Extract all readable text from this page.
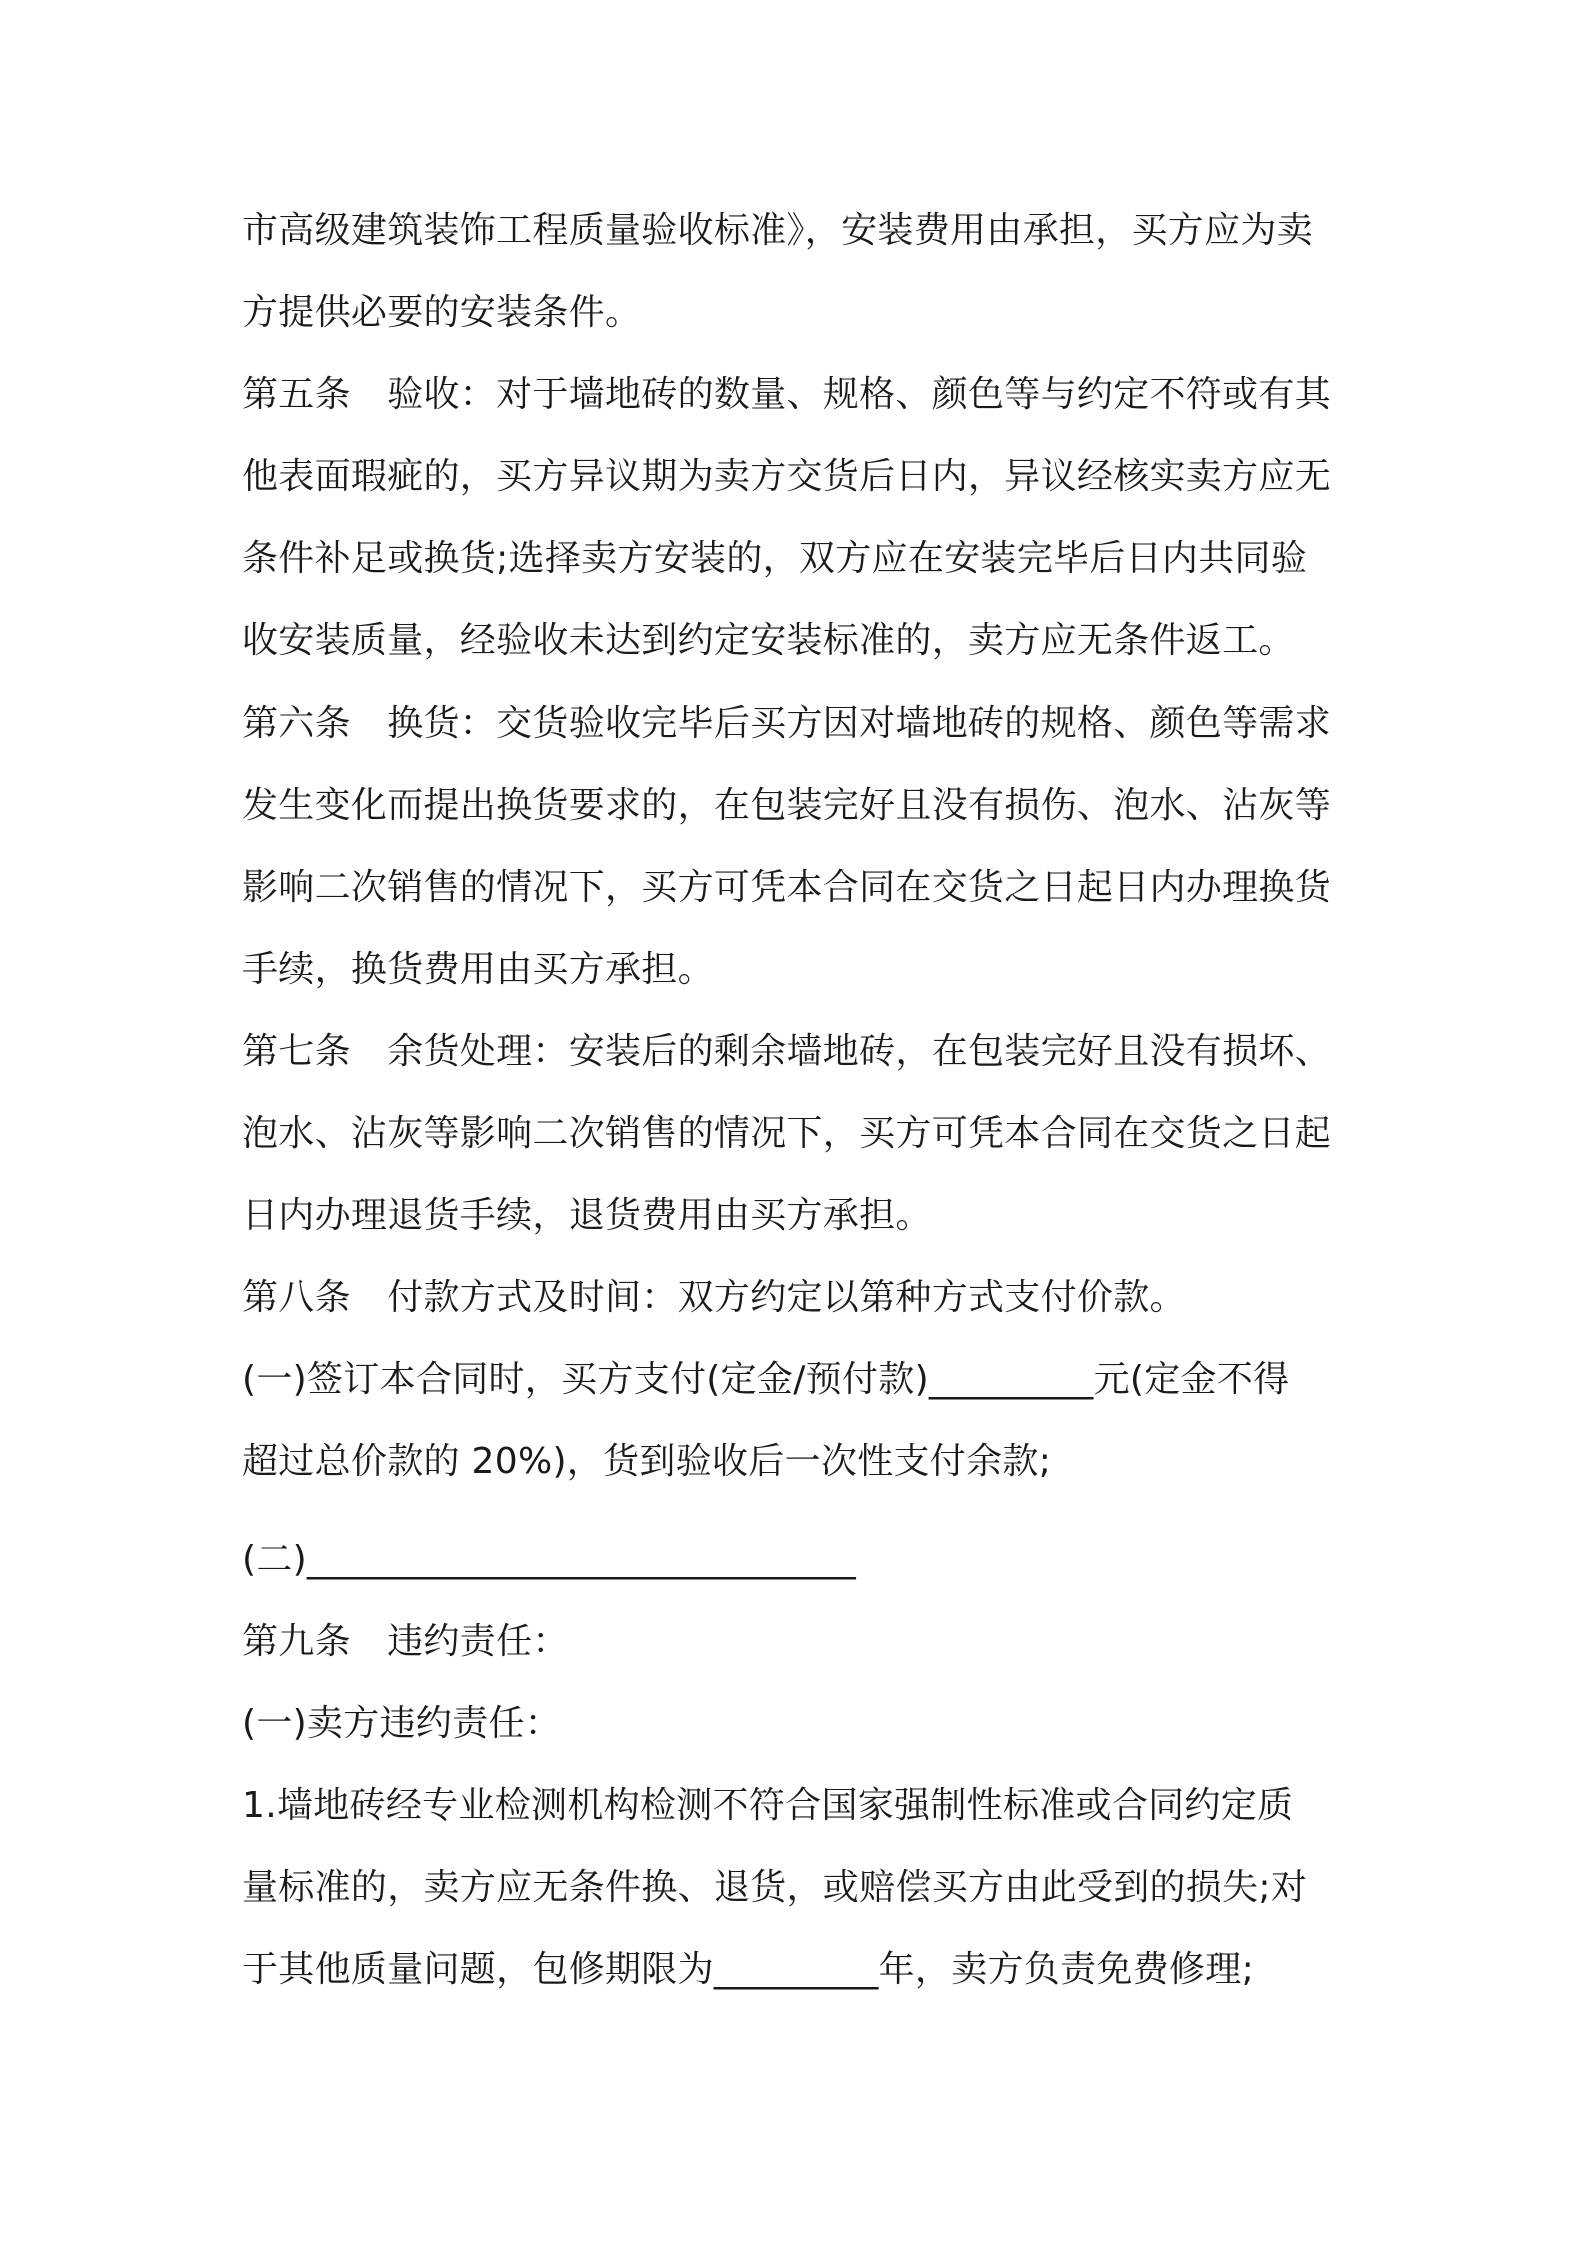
市高级建筑装饰工程质量验收标准》，安装费用由承担，买方应为卖
方提供必要的安装条件。
第五条　验收：对于墙地砖的数量、规格、颜色等与约定不符或有其
他表面瑕疵的，买方异议期为卖方交货后日内，异议经核实卖方应无
条件补足或换货;选择卖方安装的，双方应在安装完毕后日内共同验
收安装质量，经验收未达到约定安装标准的，卖方应无条件返工。
第六条　换货：交货验收完毕后买方因对墙地砖的规格、颜色等需求
发生变化而提出换货要求的，在包装完好且没有损伤、泡水、沾灰等
影响二次销售的情况下，买方可凭本合同在交货之日起日内办理换货
手续，换货费用由买方承担。
第七条　余货处理：安装后的剩余墙地砖，在包装完好且没有损坏、
泡水、沾灰等影响二次销售的情况下，买方可凭本合同在交货之日起
日内办理退货手续，退货费用由买方承担。
第八条　付款方式及时间：双方约定以第种方式支付价款。
(一)签订本合同时，买方支付(定金/预付款)_________元(定金不得
超过总价款的 20%)，货到验收后一次性支付余款;
(二)______________________________
第九条　违约责任：
(一)卖方违约责任：
1.墙地砖经专业检测机构检测不符合国家强制性标准或合同约定质
量标准的，卖方应无条件换、退货，或赔偿买方由此受到的损失;对
于其他质量问题，包修期限为_________年，卖方负责免费修理;
